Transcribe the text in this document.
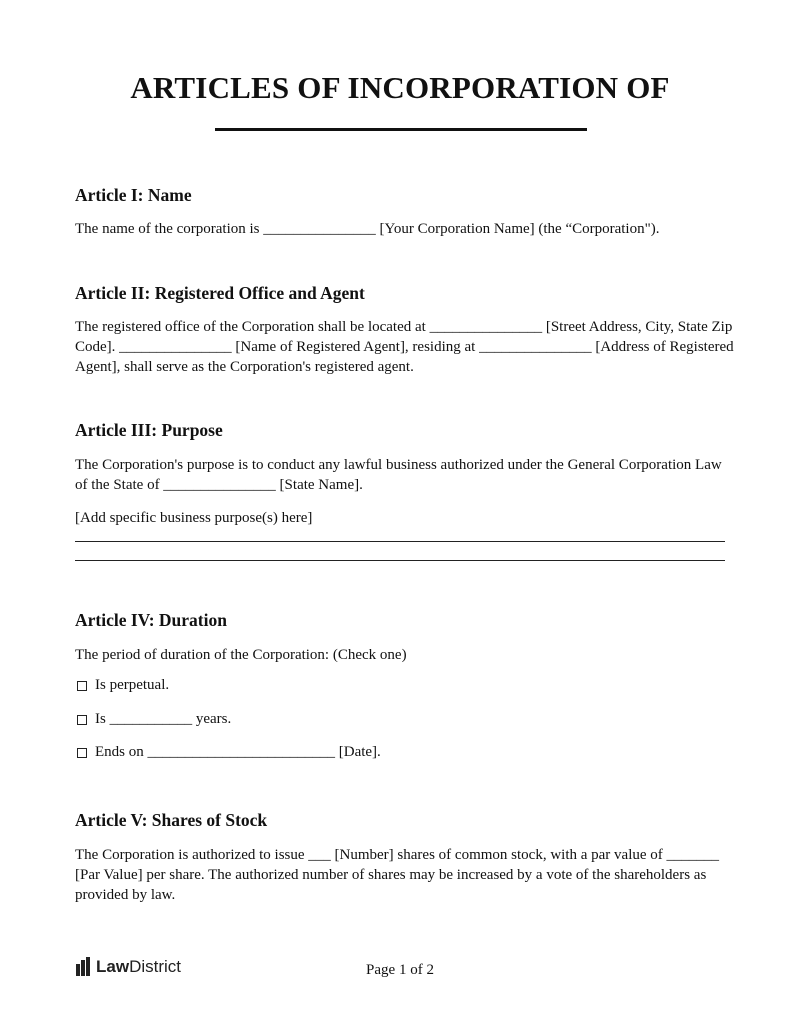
ARTICLES OF INCORPORATION OF
Article I: Name
The name of the corporation is _______________ [Your Corporation Name] (the “Corporation").
Article II: Registered Office and Agent
The registered office of the Corporation shall be located at _______________ [Street Address, City, State Zip Code]. _______________ [Name of Registered Agent], residing at _______________ [Address of Registered Agent], shall serve as the Corporation's registered agent.
Article III: Purpose
The Corporation's purpose is to conduct any lawful business authorized under the General Corporation Law of the State of _______________ [State Name].
[Add specific business purpose(s) here]
Article IV: Duration
The period of duration of the Corporation: (Check one)
Is perpetual.
Is ___________ years.
Ends on _________________________ [Date].
Article V: Shares of Stock
The Corporation is authorized to issue ___ [Number] shares of common stock, with a par value of _______ [Par Value] per share. The authorized number of shares may be increased by a vote of the shareholders as provided by law.
Law District	Page 1 of 2
